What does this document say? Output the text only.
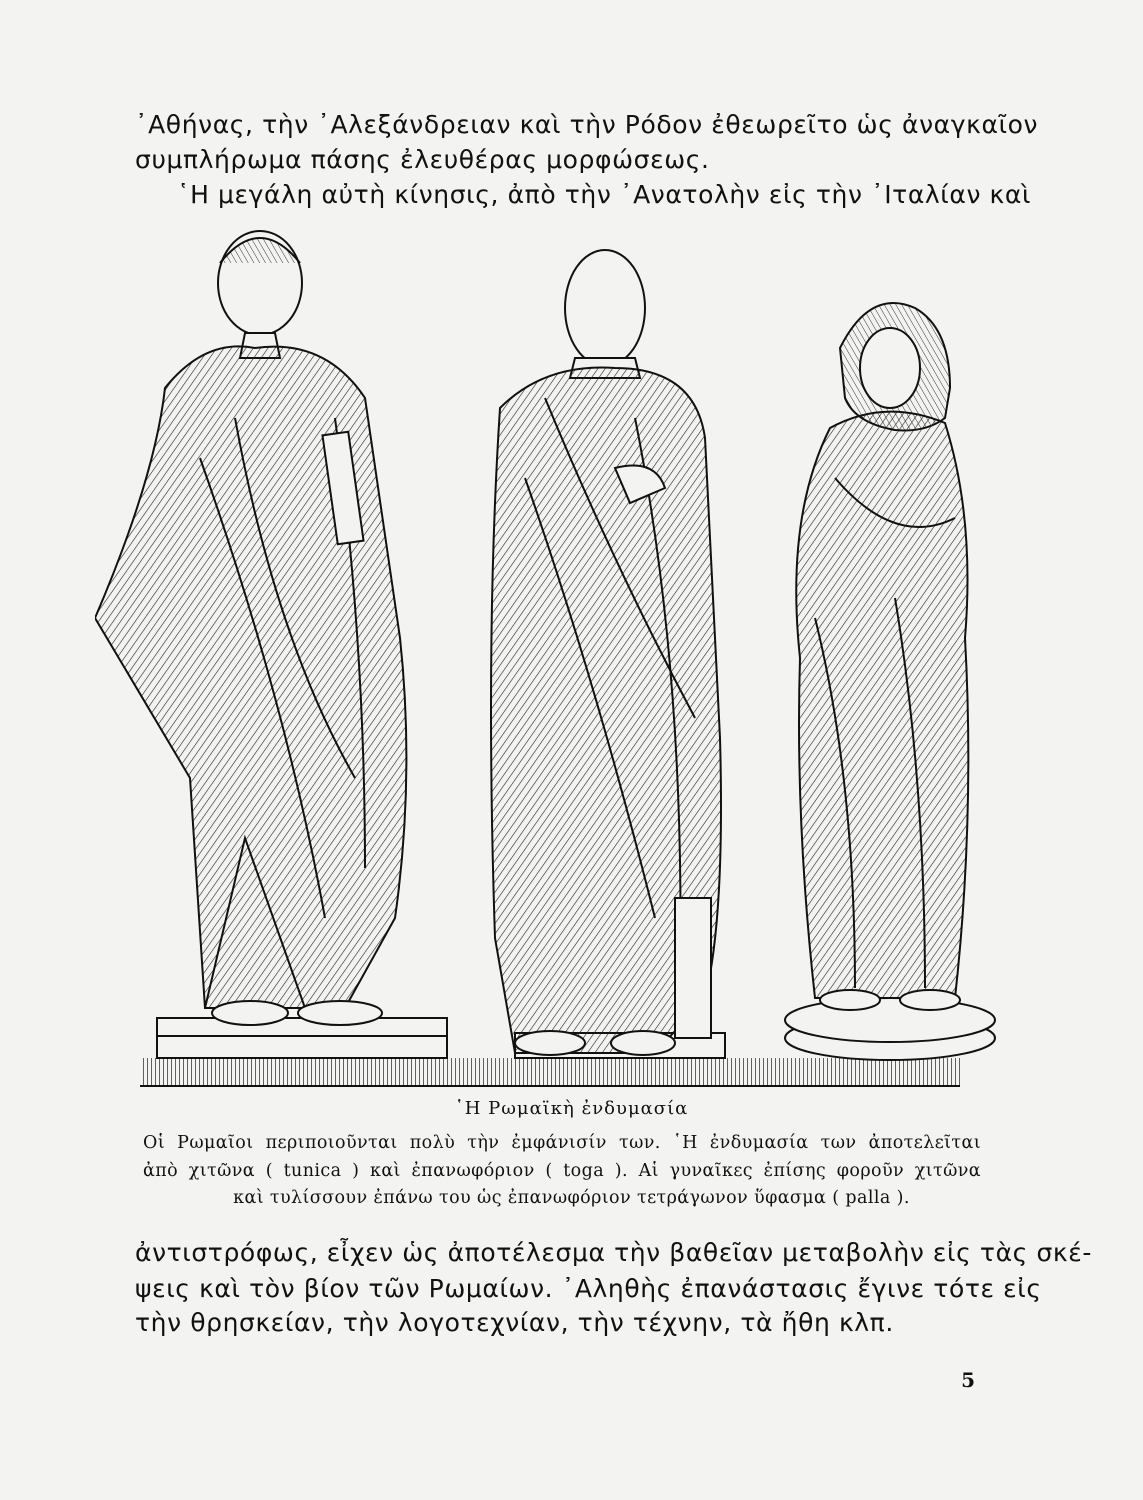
᾿Αθήνας, τὴν ᾿Αλεξάνδρειαν καὶ τὴν Ρόδον ἐθεωρεῖτο ὡς ἀναγκαῖον
συμπλήρωμα πάσης ἐλευθέρας μορφώσεως.
῾Η μεγάλη αὐτὴ κίνησις, ἀπὸ τὴν ᾿Ανατολὴν εἰς τὴν ᾿Ιταλίαν καὶ
῾Η Ρωμαϊκὴ ἐνδυμασία
Οἱ Ρωμαῖοι περιποιοῦνται πολὺ τὴν ἐμφάνισίν των. ῾Η ἐνδυμασία των ἀποτελεῖται
ἀπὸ χιτῶνα ( tunica ) καὶ ἐπανωφόριον ( toga ). Αἱ γυναῖκες ἐπίσης φοροῦν χιτῶνα
καὶ τυλίσσουν ἐπάνω του ὡς ἐπανωφόριον τετράγωνον ὕφασμα ( palla ).
ἀντιστρόφως, εἶχεν ὡς ἀποτέλεσμα τὴν βαθεῖαν μεταβολὴν εἰς τὰς σκέ-
ψεις καὶ τὸν βίον τῶν Ρωμαίων. ᾿Αληθὴς ἐπανάστασις ἔγινε τότε εἰς
τὴν θρησκείαν, τὴν λογοτεχνίαν, τὴν τέχνην, τὰ ἤθη κλπ.
5
